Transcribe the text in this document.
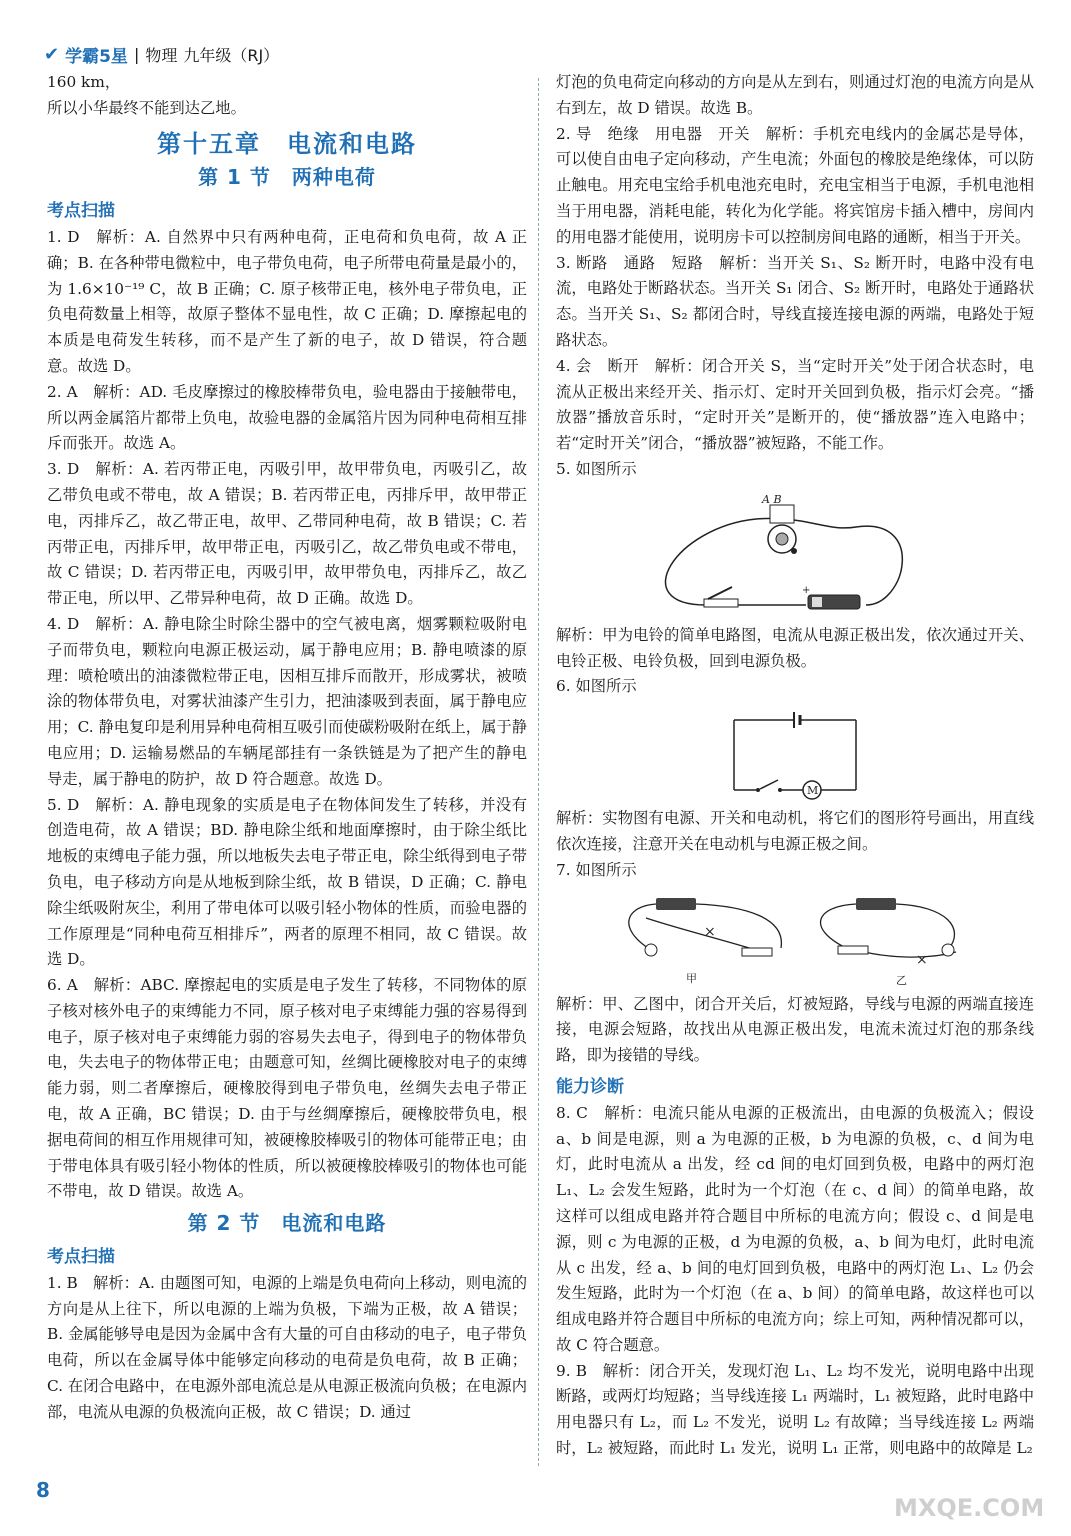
✔ 学霸5星 | 物理 九年级（RJ）

160 km，

所以小华最终不能到达乙地。

第十五章　电流和电路
第 1 节　两种电荷
考点扫描

1. D　解析：A. 自然界中只有两种电荷，正电荷和负电荷，故 A 正确；B. 在各种带电微粒中，电子带负电荷，电子所带电荷量是最小的，为 1.6×10⁻¹⁹ C，故 B 正确；C. 原子核带正电，核外电子带负电，正负电荷数量上相等，故原子整体不显电性，故 C 正确；D. 摩擦起电的本质是电荷发生转移，而不是产生了新的电子，故 D 错误，符合题意。故选 D。

2. A　解析：AD. 毛皮摩擦过的橡胶棒带负电，验电器由于接触带电，所以两金属箔片都带上负电，故验电器的金属箔片因为同种电荷相互排斥而张开。故选 A。

3. D　解析：A. 若丙带正电，丙吸引甲，故甲带负电，丙吸引乙，故乙带负电或不带电，故 A 错误；B. 若丙带正电，丙排斥甲，故甲带正电，丙排斥乙，故乙带正电，故甲、乙带同种电荷，故 B 错误；C. 若丙带正电，丙排斥甲，故甲带正电，丙吸引乙，故乙带负电或不带电，故 C 错误；D. 若丙带正电，丙吸引甲，故甲带负电，丙排斥乙，故乙带正电，所以甲、乙带异种电荷，故 D 正确。故选 D。

4. D　解析：A. 静电除尘时除尘器中的空气被电离，烟雾颗粒吸附电子而带负电，颗粒向电源正极运动，属于静电应用；B. 静电喷漆的原理：喷枪喷出的油漆微粒带正电，因相互排斥而散开，形成雾状，被喷涂的物体带负电，对雾状油漆产生引力，把油漆吸到表面，属于静电应用；C. 静电复印是利用异种电荷相互吸引而使碳粉吸附在纸上，属于静电应用；D. 运输易燃品的车辆尾部挂有一条铁链是为了把产生的静电导走，属于静电的防护，故 D 符合题意。故选 D。

5. D　解析：A. 静电现象的实质是电子在物体间发生了转移，并没有创造电荷，故 A 错误；BD. 静电除尘纸和地面摩擦时，由于除尘纸比地板的束缚电子能力强，所以地板失去电子带正电，除尘纸得到电子带负电，电子移动方向是从地板到除尘纸，故 B 错误，D 正确；C. 静电除尘纸吸附灰尘，利用了带电体可以吸引轻小物体的性质，而验电器的工作原理是“同种电荷互相排斥”，两者的原理不相同，故 C 错误。故选 D。

6. A　解析：ABC. 摩擦起电的实质是电子发生了转移，不同物体的原子核对核外电子的束缚能力不同，原子核对电子束缚能力强的容易得到电子，原子核对电子束缚能力弱的容易失去电子，得到电子的物体带负电，失去电子的物体带正电；由题意可知，丝绸比硬橡胶对电子的束缚能力弱，则二者摩擦后，硬橡胶得到电子带负电，丝绸失去电子带正电，故 A 正确，BC 错误；D. 由于与丝绸摩擦后，硬橡胶带负电，根据电荷间的相互作用规律可知，被硬橡胶棒吸引的物体可能带正电；由于带电体具有吸引轻小物体的性质，所以被硬橡胶棒吸引的物体也可能不带电，故 D 错误。故选 A。

第 2 节　电流和电路
考点扫描

1. B　解析：A. 由题图可知，电源的上端是负电荷向上移动，则电流的方向是从上往下，所以电源的上端为负极，下端为正极，故 A 错误；B. 金属能够导电是因为金属中含有大量的可自由移动的电子，电子带负电荷，所以在金属导体中能够定向移动的电荷是负电荷，故 B 正确；C. 在闭合电路中，在电源外部电流总是从电源正极流向负极；在电源内部，电流从电源的负极流向正极，故 C 错误；D. 通过

灯泡的负电荷定向移动的方向是从左到右，则通过灯泡的电流方向是从右到左，故 D 错误。故选 B。

2. 导　绝缘　用电器　开关　解析：手机充电线内的金属芯是导体，可以使自由电子定向移动，产生电流；外面包的橡胶是绝缘体，可以防止触电。用充电宝给手机电池充电时，充电宝相当于电源，手机电池相当于用电器，消耗电能，转化为化学能。将宾馆房卡插入槽中，房间内的用电器才能使用，说明房卡可以控制房间电路的通断，相当于开关。

3. 断路　通路　短路　解析：当开关 S₁、S₂ 断开时，电路中没有电流，电路处于断路状态。当开关 S₁ 闭合、S₂ 断开时，电路处于通路状态。当开关 S₁、S₂ 都闭合时，导线直接连接电源的两端，电路处于短路状态。

4. 会　断开　解析：闭合开关 S，当“定时开关”处于闭合状态时，电流从正极出来经开关、指示灯、定时开关回到负极，指示灯会亮。“播放器”播放音乐时，“定时开关”是断开的，使“播放器”连入电路中；若“定时开关”闭合，“播放器”被短路，不能工作。

5. 如图所示

+
A B

解析：甲为电铃的简单电路图，电流从电源正极出发，依次通过开关、电铃正极、电铃负极，回到电源负极。

6. 如图所示

M

解析：实物图有电源、开关和电动机，将它们的图形符号画出，用直线依次连接，注意开关在电动机与电源正极之间。

7. 如图所示

×
甲
×
乙

解析：甲、乙图中，闭合开关后，灯被短路，导线与电源的两端直接连接，电源会短路，故找出从电源正极出发，电流未流过灯泡的那条线路，即为接错的导线。

能力诊断

8. C　解析：电流只能从电源的正极流出，由电源的负极流入；假设 a、b 间是电源，则 a 为电源的正极，b 为电源的负极，c、d 间为电灯，此时电流从 a 出发，经 cd 间的电灯回到负极，电路中的两灯泡 L₁、L₂ 会发生短路，此时为一个灯泡（在 c、d 间）的简单电路，故这样可以组成电路并符合题目中所标的电流方向；假设 c、d 间是电源，则 c 为电源的正极，d 为电源的负极，a、b 间为电灯，此时电流从 c 出发，经 a、b 间的电灯回到负极，电路中的两灯泡 L₁、L₂ 仍会发生短路，此时为一个灯泡（在 a、b 间）的简单电路，故这样也可以组成电路并符合题目中所标的电流方向；综上可知，两种情况都可以，故 C 符合题意。

9. B　解析：闭合开关，发现灯泡 L₁、L₂ 均不发光，说明电路中出现断路，或两灯均短路；当导线连接 L₁ 两端时，L₁ 被短路，此时电路中用电器只有 L₂，而 L₂ 不发光，说明 L₂ 有故障；当导线连接 L₂ 两端时，L₂ 被短路，而此时 L₁ 发光，说明 L₁ 正常，则电路中的故障是 L₂

8
MXQE.COM
